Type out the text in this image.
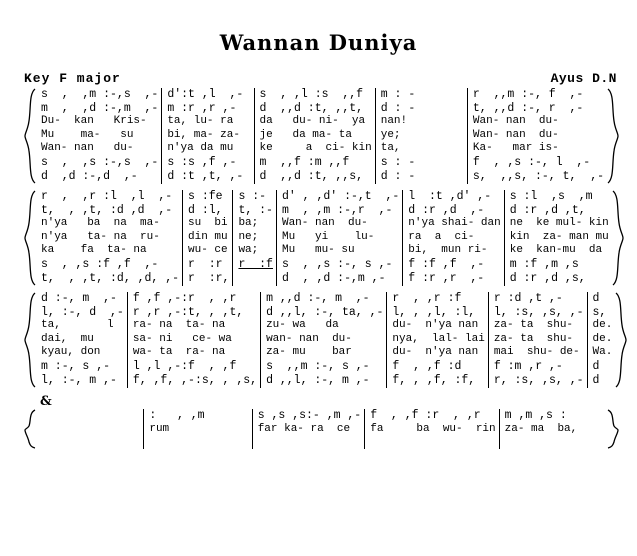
Wannan Duniya
Key F major	Ayus D.N
s  ,  ,m :-,s  ,-
m  ,  ,d :-,m  ,-
Du-  kan   Kris-
Mu    ma-   su
Wan- nan   du-
s  ,  ,s :-,s  ,-
d  ,d :-,d  ,-
d':t ,l  ,-
m :r ,r ,-
ta, lu- ra
bi, ma- za-
n'ya da mu
s :s ,f ,-
d :t ,t, ,-
s  , ,l :s  ,,f
d  ,,d :t, ,,t,
da   du- ni-  ya
je   da ma- ta
ke     a  ci- kin
m  ,,f :m ,,f
d  ,,d :t, ,,s,
m : -
d : -
nan!
ye;
ta,
s : -
d : -
r  ,,m :-, f  ,-
t, ,,d :-, r  ,-
Wan- nan  du-
Wan- nan  du-
Ka-   mar is-
f  , ,s :-, l  ,-
s,  ,,s, :-, t,  ,-
r  ,  ,r :l  ,l  ,-
t,  , ,t, :d ,d  ,-
n'ya   ba  na  ma-
n'ya   ta- na  ru-
ka    fa  ta- na
s  , ,s :f ,f  ,-
t,  , ,t, :d, ,d, ,-
s :fe
d :l,
su  bi
din mu
wu- ce
r  :r
r  :r,
s :-
t, :-
ba;
ne;
wa;
r  :f
d' , ,d' :-,t  ,-
m  , ,m :-,r  ,-
Wan- nan  du-
Mu   yi    lu-
Mu   mu- su
s  , ,s :-, s ,-
d  , ,d :-,m ,-
l  :t ,d' ,-
d :r ,d  ,-
n'ya shai- dan
ra  a  ci-
bi,  mun ri-
f :f ,f  ,-
f :r ,r  ,-
s :l  ,s  ,m
d :r ,d ,t,
ne  ke mul- kin
kin  za- man mu
ke  kan-mu  da
m :f ,m ,s
d :r ,d ,s,
d :-, m  ,-
l, :-, d  ,-
ta,       l
dai,  mu
kyau, don
m :-, s ,-
l, :-, m ,-
f ,f ,-:r  , ,r
r ,r ,-:t, , ,t,
ra- na  ta- na
sa- ni   ce- wa
wa- ta  ra- na
l ,l ,-:f  , ,f
f, ,f, ,-:s, , ,s,
m ,,d :-, m  ,-
d ,,l, :-, ta, ,-
zu- wa   da
wan- nan  du-
za- mu    bar
s  ,,m :-, s ,-
d ,,l, :-, m ,-
r  , ,r :f
l, , ,l, :l,
du-  n'ya nan
nya,  lal- lai
du-  n'ya nan
f  , ,f :d
f, , ,f, :f,
r :d ,t ,-
l, :s, ,s, ,-
za- ta  shu-
za- ta  shu-
mai  shu- de-
f :m ,r ,-
r, :s, ,s, ,-
d
s,
de.
de.
Wa.
d
d
&
:   , ,m
rum
s ,s ,s:- ,m ,-
far ka- ra  ce
f  , ,f :r  , ,r
fa     ba  wu-  rin
m ,m ,s :
za- ma  ba,
